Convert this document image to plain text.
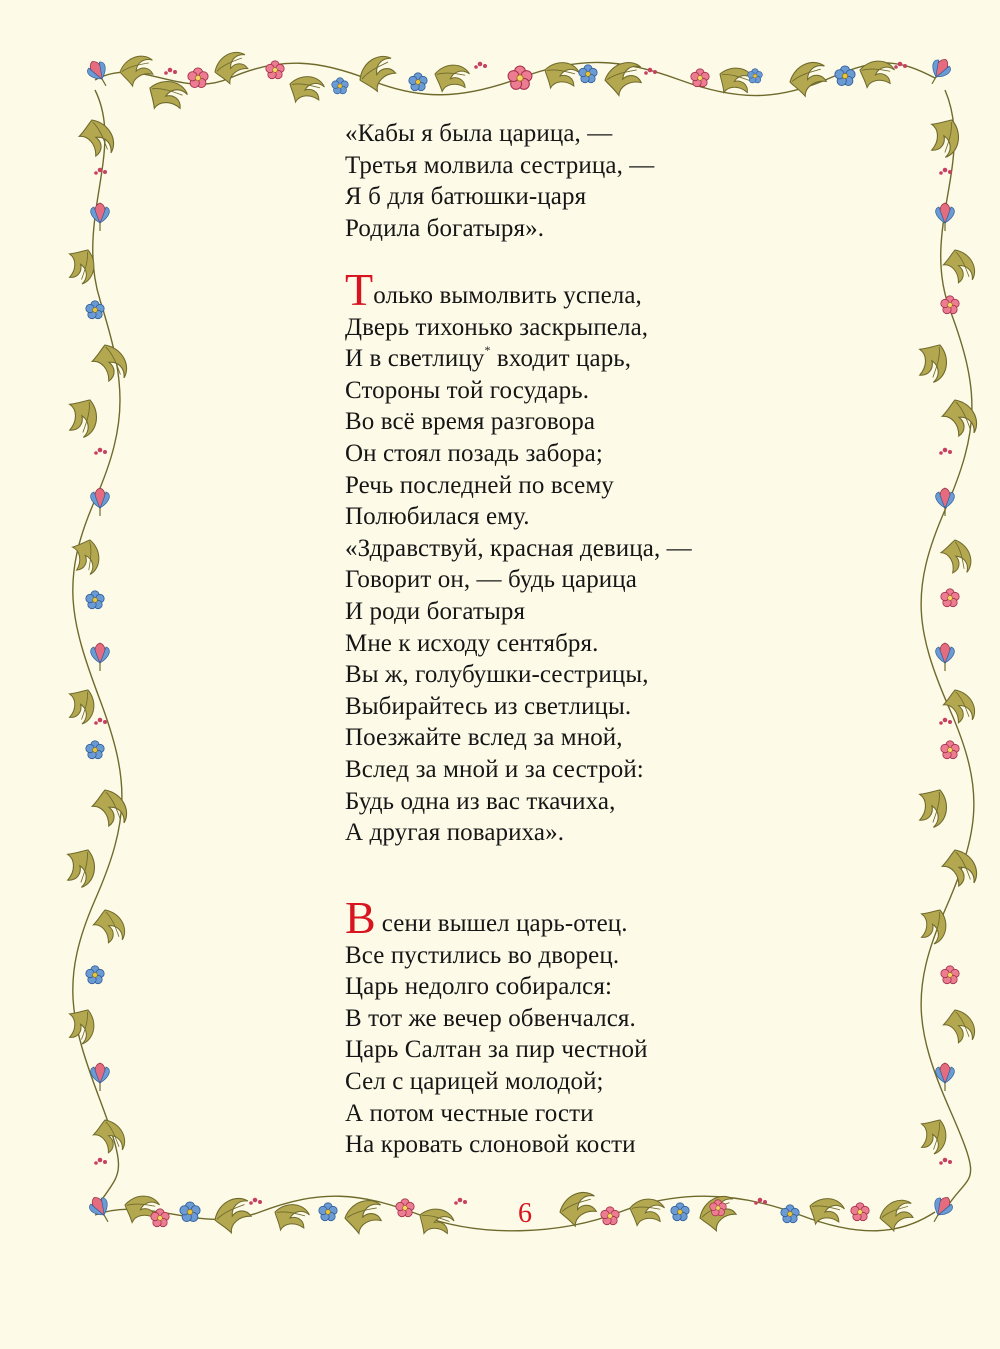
«Кабы я была царица, —
Третья молвила сестрица, —
Я б для батюшки-царя
Родила богатыря».
Только вымолвить успела,
Дверь тихонько заскрыпела,
И в светлицу* входит царь,
Стороны той государь.
Во всё время разговора
Он стоял позадь забора;
Речь последней по всему
Полюбилася ему.
«Здравствуй, красная девица, —
Говорит он, — будь царица
И роди богатыря
Мне к исходу сентября.
Вы ж, голубушки-сестрицы,
Выбирайтесь из светлицы.
Поезжайте вслед за мной,
Вслед за мной и за сестрой:
Будь одна из вас ткачиха,
А другая повариха».
Всени вышел царь-отец.
Все пустились во дворец.
Царь недолго собирался:
В тот же вечер обвенчался.
Царь Салтан за пир честной
Сел с царицей молодой;
А потом честные гости
На кровать слоновой кости
6
